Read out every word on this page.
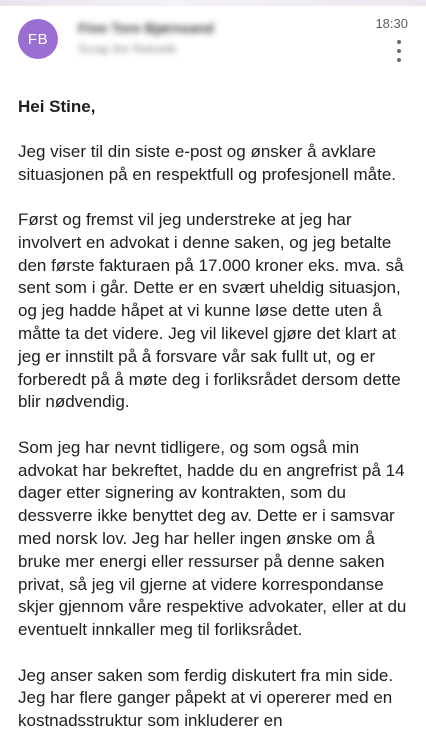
FB
Finn Tore Bjørnsand
Scrap the Rebsidh
18:30

Hei Stine,

Jeg viser til din siste e-post og ønsker å avklare situasjonen på en respektfull og profesjonell måte.

Først og fremst vil jeg understreke at jeg har involvert en advokat i denne saken, og jeg betalte den første fakturaen på 17.000 kroner eks. mva. så sent som i går. Dette er en svært uheldig situasjon, og jeg hadde håpet at vi kunne løse dette uten å måtte ta det videre. Jeg vil likevel gjøre det klart at jeg er innstilt på å forsvare vår sak fullt ut, og er forberedt på å møte deg i forliksrådet dersom dette blir nødvendig.

Som jeg har nevnt tidligere, og som også min advokat har bekreftet, hadde du en angrefrist på 14 dager etter signering av kontrakten, som du dessverre ikke benyttet deg av. Dette er i samsvar med norsk lov. Jeg har heller ingen ønske om å bruke mer energi eller ressurser på denne saken privat, så jeg vil gjerne at videre korrespondanse skjer gjennom våre respektive advokater, eller at du eventuelt innkaller meg til forliksrådet.

Jeg anser saken som ferdig diskutert fra min side. Jeg har flere ganger påpekt at vi opererer med en kostnadsstruktur som inkluderer en
